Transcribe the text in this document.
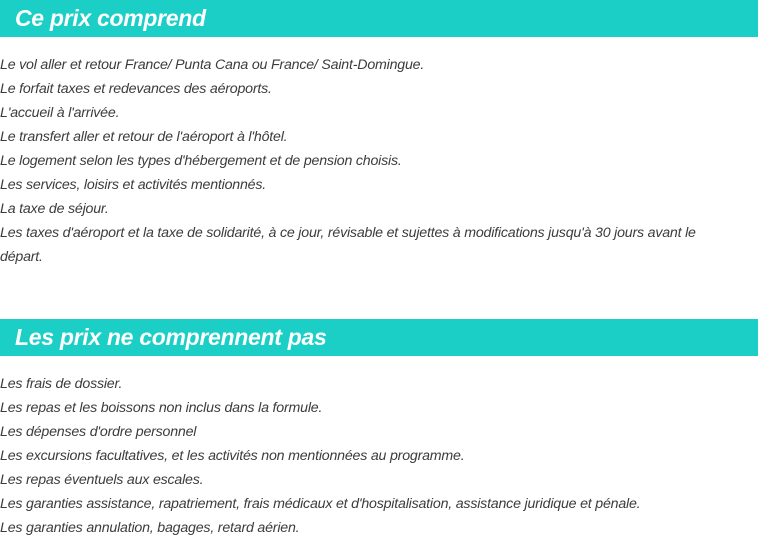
Ce prix comprend
Le vol aller et retour France/ Punta Cana ou France/ Saint-Domingue.
Le forfait taxes et redevances des aéroports.
L'accueil à l'arrivée.
Le transfert aller et retour de l'aéroport à l'hôtel.
Le logement selon les types d'hébergement et de pension choisis.
Les services, loisirs et activités mentionnés.
La taxe de séjour.
Les taxes d'aéroport et la taxe de solidarité, à ce jour, révisable et sujettes à modifications jusqu'à 30 jours avant le départ.
Les prix ne comprennent pas
Les frais de dossier.
Les repas et les boissons non inclus dans la formule.
Les dépenses d'ordre personnel
Les excursions facultatives, et les activités non mentionnées au programme.
Les repas éventuels aux escales.
Les garanties assistance, rapatriement, frais médicaux et d'hospitalisation, assistance juridique et pénale.
Les garanties annulation, bagages, retard aérien.
